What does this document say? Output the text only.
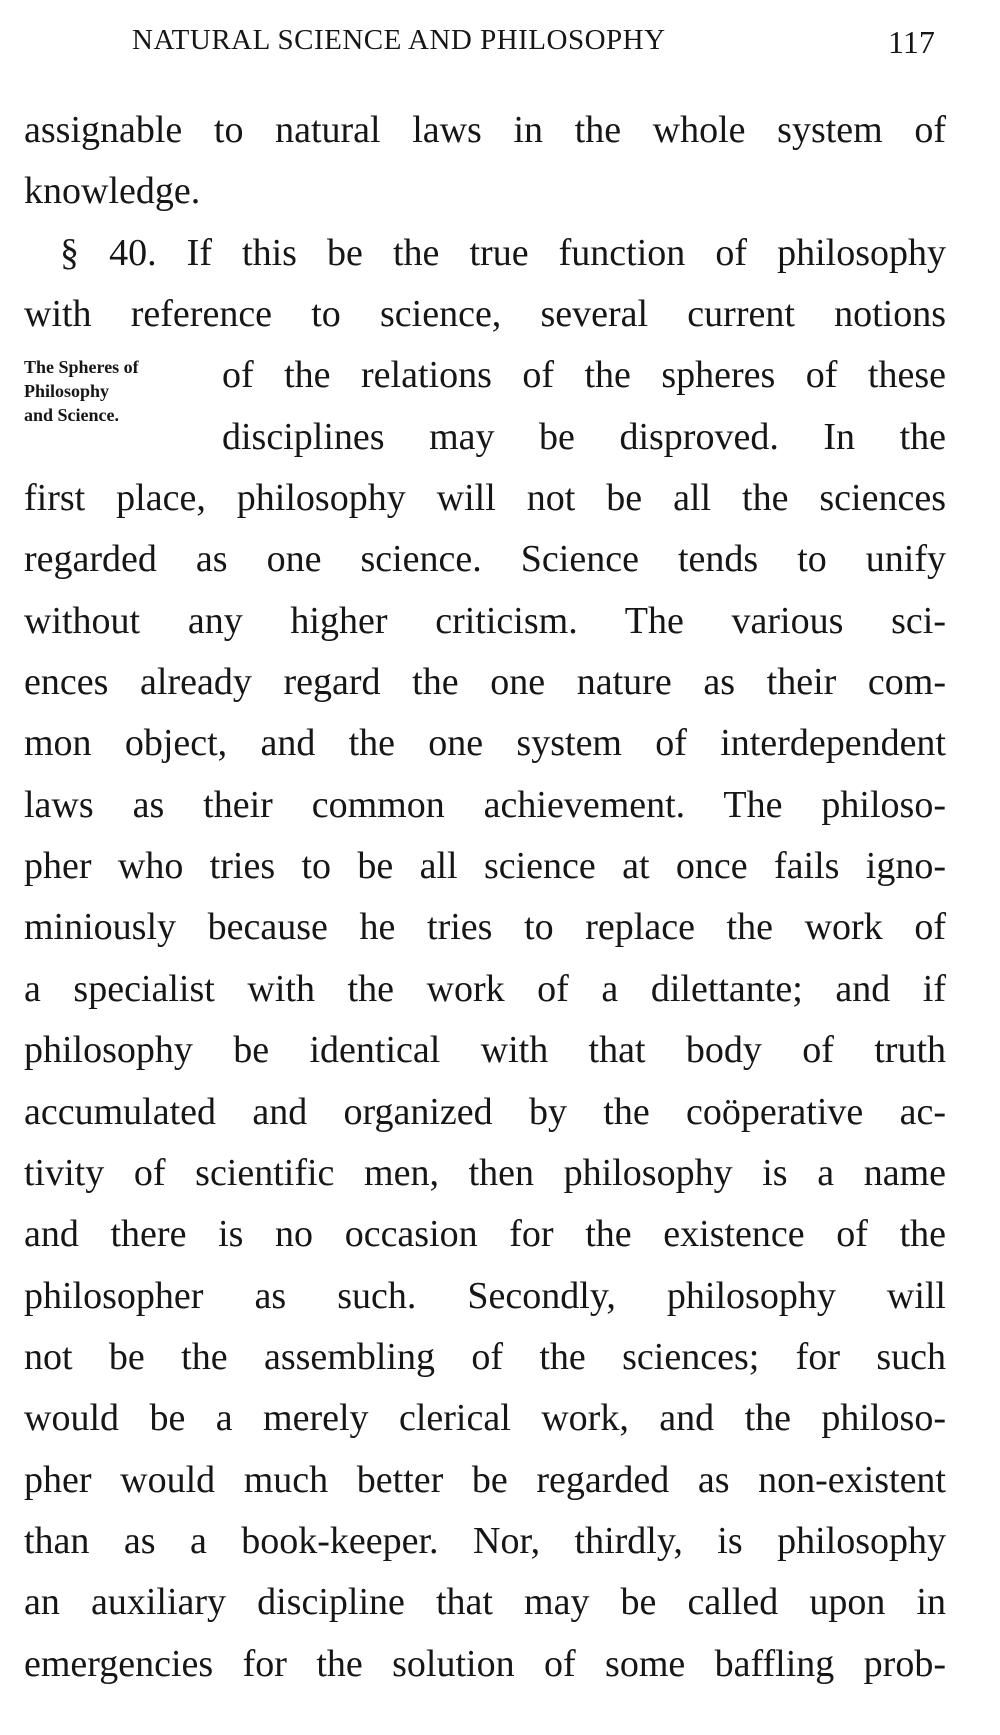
NATURAL SCIENCE AND PHILOSOPHY	117
The Spheres of
Philosophy
and Science.
assignable to natural laws in the whole system of
knowledge.
§ 40. If this be the true function of philosophy
with reference to science, several current notions
of the relations of the spheres of these
disciplines may be disproved. In the
first place, philosophy will not be all the sciences
regarded as one science. Science tends to unify
without any higher criticism. The various sci-
ences already regard the one nature as their com-
mon object, and the one system of interdependent
laws as their common achievement. The philoso-
pher who tries to be all science at once fails igno-
miniously because he tries to replace the work of
a specialist with the work of a dilettante; and if
philosophy be identical with that body of truth
accumulated and organized by the coöperative ac-
tivity of scientific men, then philosophy is a name
and there is no occasion for the existence of the
philosopher as such. Secondly, philosophy will
not be the assembling of the sciences; for such
would be a merely clerical work, and the philoso-
pher would much better be regarded as non-existent
than as a book-keeper. Nor, thirdly, is philosophy
an auxiliary discipline that may be called upon in
emergencies for the solution of some baffling prob-
